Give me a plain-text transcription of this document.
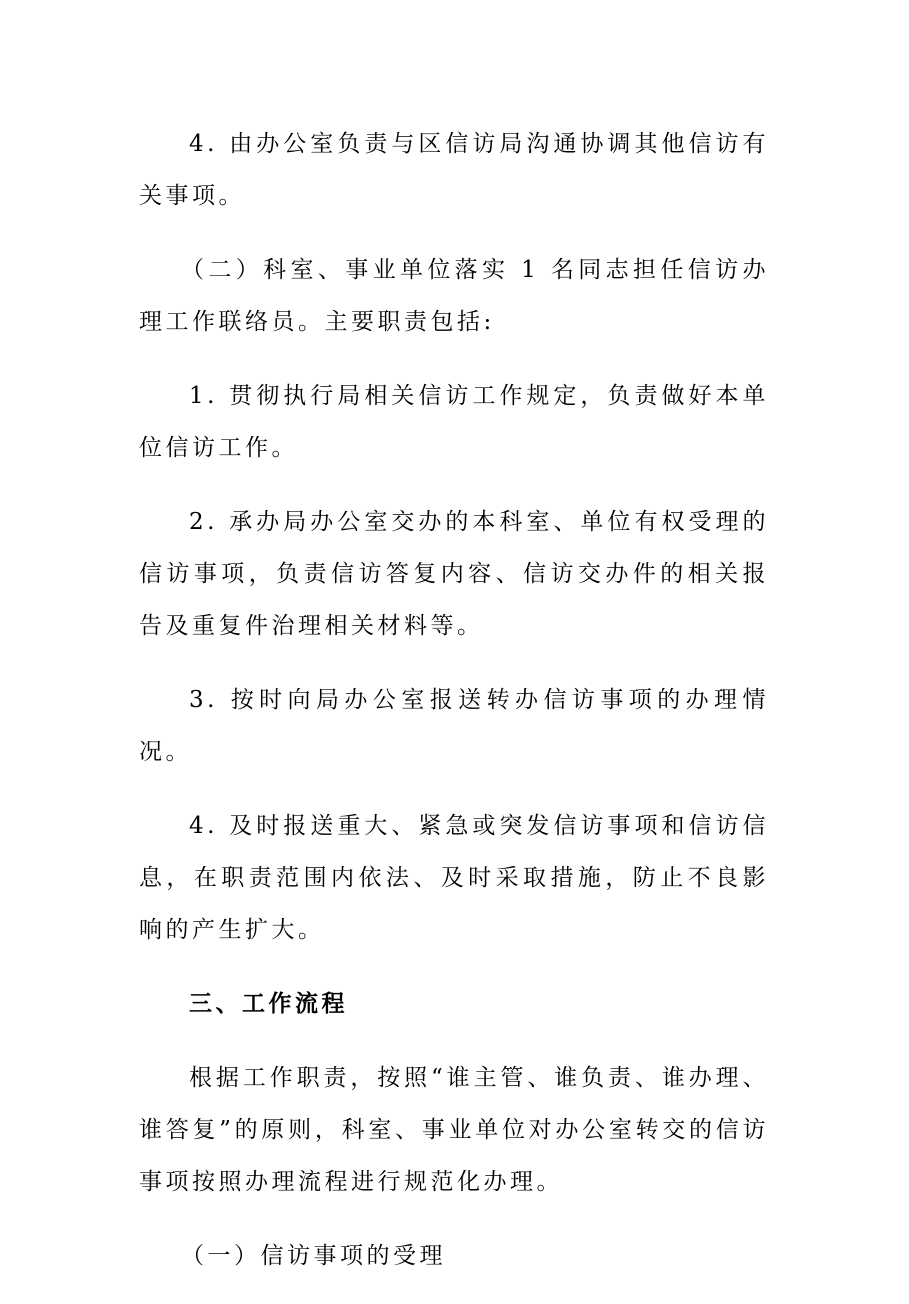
4. 由办公室负责与区信访局沟通协调其他信访有关事项。

（二）科室、事业单位落实 1 名同志担任信访办理工作联络员。主要职责包括:

1. 贯彻执行局相关信访工作规定，负责做好本单位信访工作。

2. 承办局办公室交办的本科室、单位有权受理的信访事项，负责信访答复内容、信访交办件的相关报告及重复件治理相关材料等。

3. 按时向局办公室报送转办信访事项的办理情况。

4. 及时报送重大、紧急或突发信访事项和信访信息，在职责范围内依法、及时采取措施，防止不良影响的产生扩大。

三、工作流程

根据工作职责，按照“谁主管、谁负责、谁办理、谁答复”的原则，科室、事业单位对办公室转交的信访事项按照办理流程进行规范化办理。

（一）信访事项的受理
